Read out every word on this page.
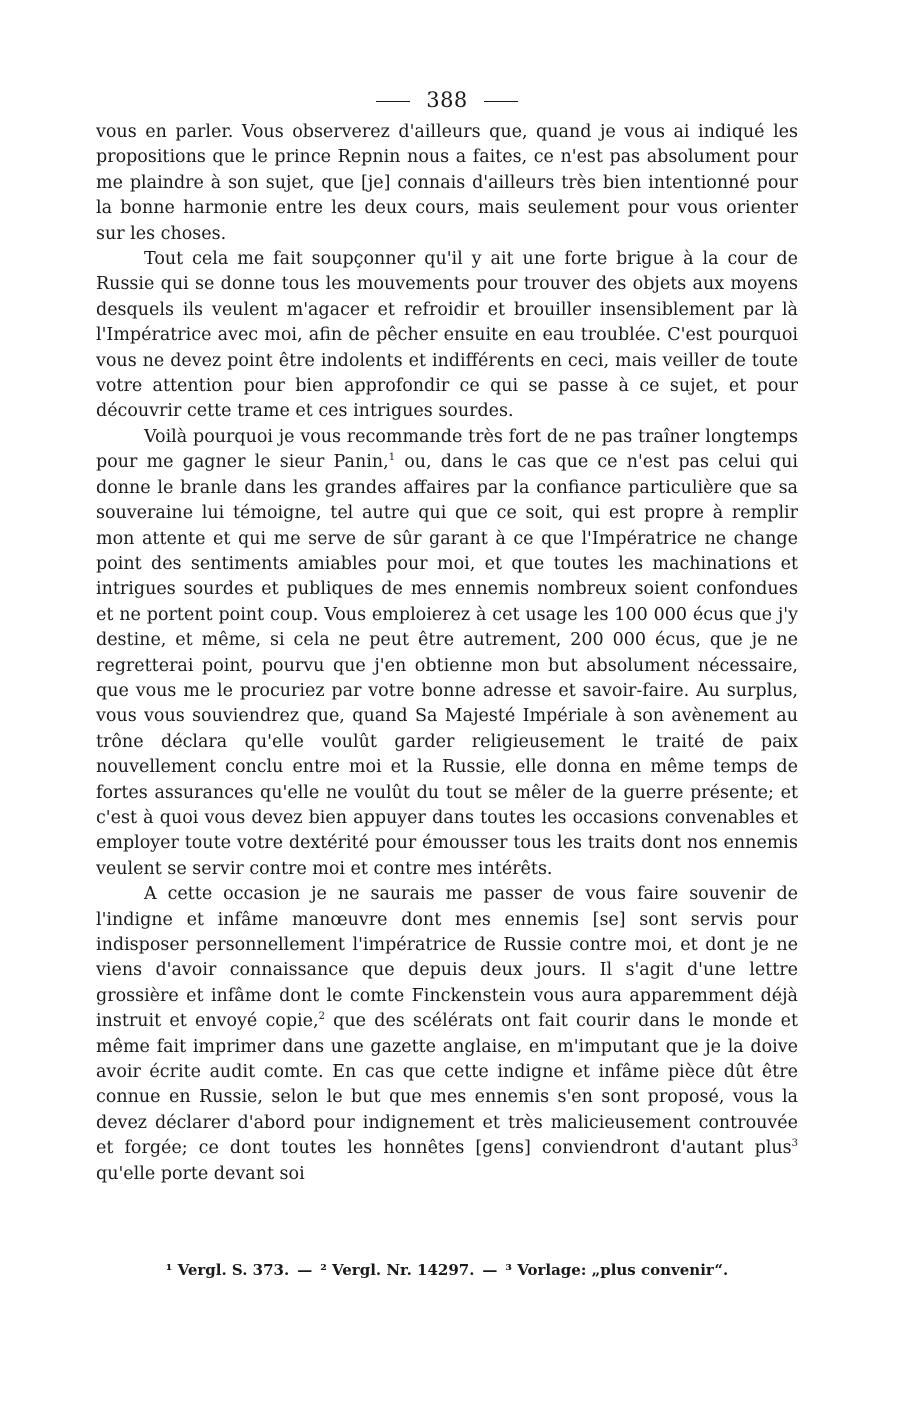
388

vous en parler. Vous observerez d'ailleurs que, quand je vous ai indiqué les propositions que le prince Repnin nous a faites, ce n'est pas absolument pour me plaindre à son sujet, que [je] connais d'ailleurs très bien intentionné pour la bonne harmonie entre les deux cours, mais seulement pour vous orienter sur les choses.

Tout cela me fait soupçonner qu'il y ait une forte brigue à la cour de Russie qui se donne tous les mouvements pour trouver des objets aux moyens desquels ils veulent m'agacer et refroidir et brouiller insensiblement par là l'Impératrice avec moi, afin de pêcher ensuite en eau troublée. C'est pourquoi vous ne devez point être indolents et indifférents en ceci, mais veiller de toute votre attention pour bien approfondir ce qui se passe à ce sujet, et pour découvrir cette trame et ces intrigues sourdes.

Voilà pourquoi je vous recommande très fort de ne pas traîner longtemps pour me gagner le sieur Panin,$^1$ ou, dans le cas que ce n'est pas celui qui donne le branle dans les grandes affaires par la confiance particulière que sa souveraine lui témoigne, tel autre qui que ce soit, qui est propre à remplir mon attente et qui me serve de sûr garant à ce que l'Impératrice ne change point des sentiments amiables pour moi, et que toutes les machinations et intrigues sourdes et publiques de mes ennemis nombreux soient confondues et ne portent point coup. Vous emploierez à cet usage les 100 000 écus que j'y destine, et même, si cela ne peut être autrement, 200 000 écus, que je ne regretterai point, pourvu que j'en obtienne mon but absolument nécessaire, que vous me le procuriez par votre bonne adresse et savoir-faire. Au surplus, vous vous souviendrez que, quand Sa Majesté Impériale à son avènement au trône déclara qu'elle voulût garder religieusement le traité de paix nouvellement conclu entre moi et la Russie, elle donna en même temps de fortes assurances qu'elle ne voulût du tout se mêler de la guerre présente; et c'est à quoi vous devez bien appuyer dans toutes les occasions convenables et employer toute votre dextérité pour émousser tous les traits dont nos ennemis veulent se servir contre moi et contre mes intérêts.

A cette occasion je ne saurais me passer de vous faire souvenir de l'indigne et infâme manœuvre dont mes ennemis [se] sont servis pour indisposer personnellement l'impératrice de Russie contre moi, et dont je ne viens d'avoir connaissance que depuis deux jours. Il s'agit d'une lettre grossière et infâme dont le comte Finckenstein vous aura apparemment déjà instruit et envoyé copie,$^2$ que des scélérats ont fait courir dans le monde et même fait imprimer dans une gazette anglaise, en m'imputant que je la doive avoir écrite audit comte. En cas que cette indigne et infâme pièce dût être connue en Russie, selon le but que mes ennemis s'en sont proposé, vous la devez déclarer d'abord pour indignement et très malicieusement controuvée et forgée; ce dont toutes les honnêtes [gens] conviendront d'autant plus$^3$ qu'elle porte devant soi

¹ Vergl. S. 373. — ² Vergl. Nr. 14297. — ³ Vorlage: „plus convenir“.
